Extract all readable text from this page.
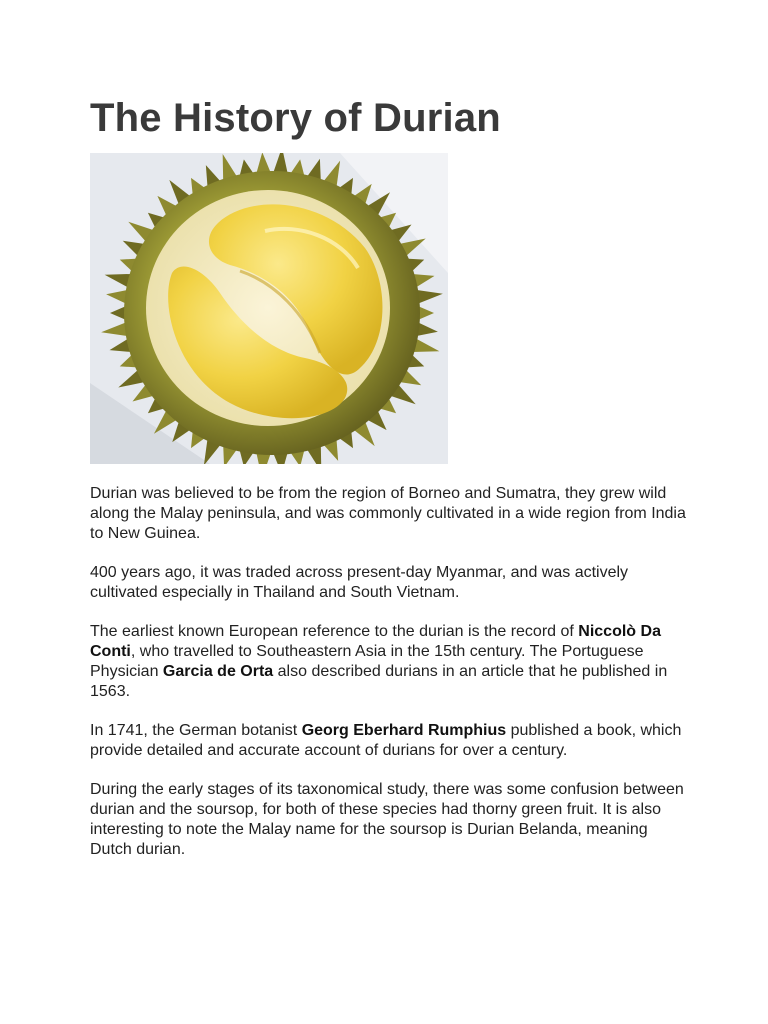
The History of Durian

Durian was believed to be from the region of Borneo and Sumatra, they grew wild along the Malay peninsula, and was commonly cultivated in a wide region from India to New Guinea.

400 years ago, it was traded across present-day Myanmar, and was actively cultivated especially in Thailand and South Vietnam.

The earliest known European reference to the durian is the record of Niccolò Da Conti, who travelled to Southeastern Asia in the 15th century. The Portuguese Physician Garcia de Orta also described durians in an article that he published in 1563.

In 1741, the German botanist Georg Eberhard Rumphius published a book, which provide detailed and accurate account of durians for over a century.

During the early stages of its taxonomical study, there was some confusion between durian and the soursop, for both of these species had thorny green fruit. It is also interesting to note the Malay name for the soursop is Durian Belanda, meaning Dutch durian.
